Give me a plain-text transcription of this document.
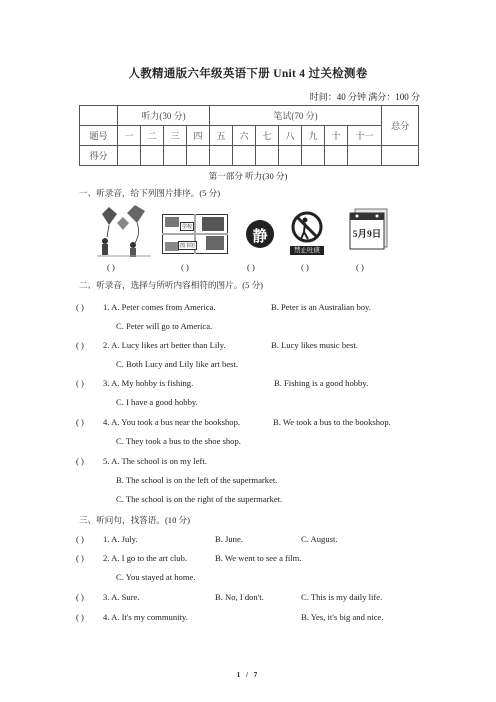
人教精通版六年级英语下册 Unit 4 过关检测卷
时间：40 分钟 满分：100 分
	听力(30 分)				笔试(70 分)							总分
题号	一	二	三	四	五	六	七	八	九	十	十一	
得分												
第一部分 听力(30 分)
一、听录音，给下列图片排序。(5 分)
学校
图书馆
静
禁止吐痰
5月9日
( )	( )	( )	( )	( )
二、听录音，选择与所听内容相符的图片。(5 分)
( ) 1. A. Peter comes from America.	B. Peter is an Australian boy.
C. Peter will go to America.
( ) 2. A. Lucy likes art better than Lily.	B. Lucy likes music best.
C. Both Lucy and Lily like art best.
( ) 3. A. My hobby is fishing.	B. Fishing is a good hobby.
C. I have a good hobby.
( ) 4. A. You took a bus near the bookshop.	B. We took a bus to the bookshop.
C. They took a bus to the shoe shop.
( ) 5. A. The school is on my left.
B. The school is on the left of the supermarket.
C. The school is on the right of the supermarket.
三、听问句，找答语。(10 分)
( ) 1. A. July.	B. June.	C. August.
( ) 2. A. I go to the art club.	B. We went to see a film.
C. You stayed at home.
( ) 3. A. Sure.	B. No, I don't.	C. This is my daily life.
( ) 4. A. It's my community.	B. Yes, it's big and nice.
1 / 7
